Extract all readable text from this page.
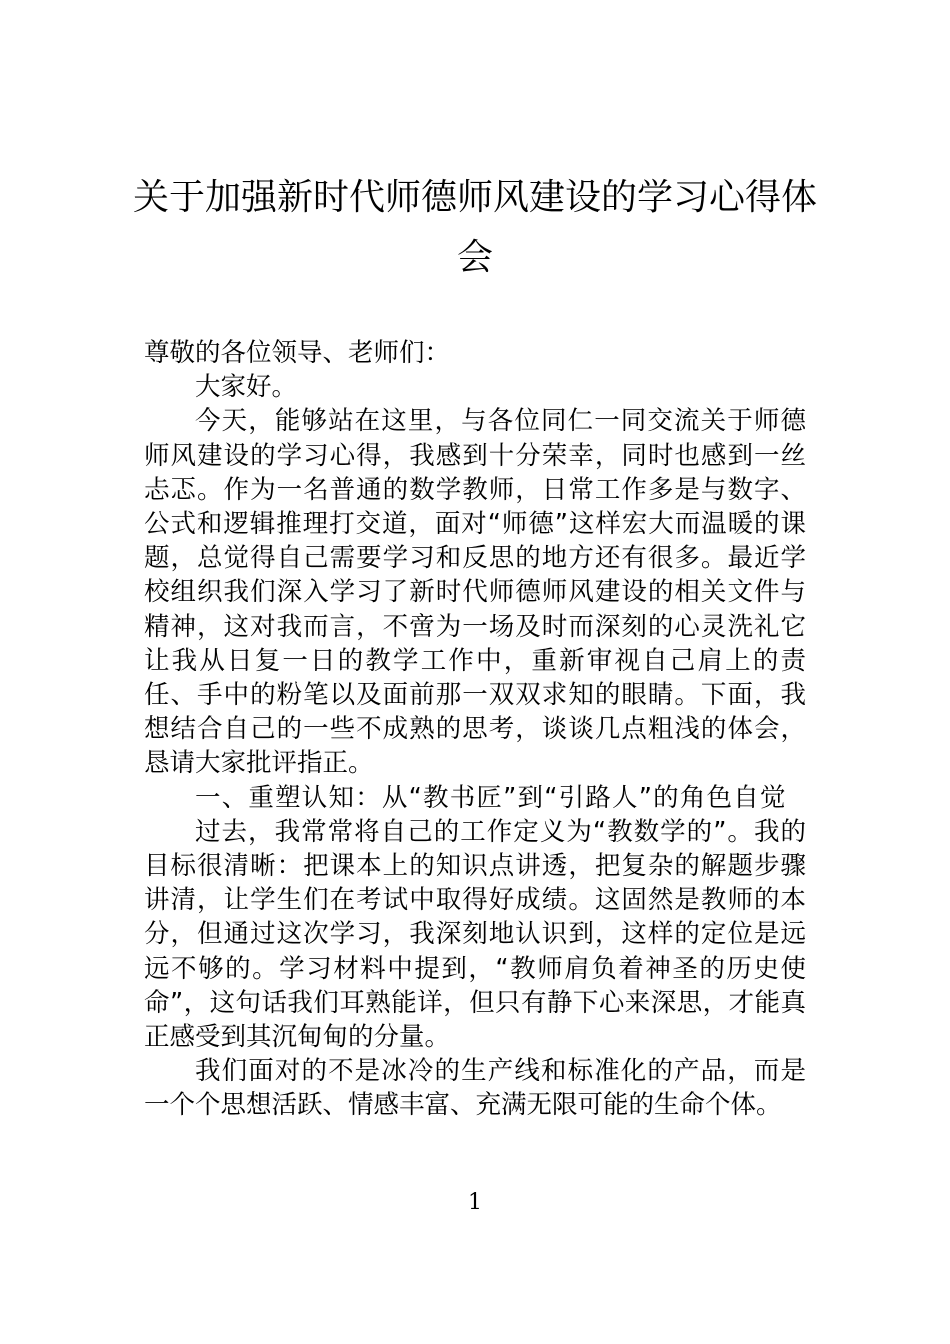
关于加强新时代师德师风建设的学习心得体会

尊敬的各位领导、老师们：

大家好。

今天，能够站在这里，与各位同仁一同交流关于师德师风建设的学习心得，我感到十分荣幸，同时也感到一丝忐忑。作为一名普通的数学教师，日常工作多是与数字、公式和逻辑推理打交道，面对“师德”这样宏大而温暖的课题，总觉得自己需要学习和反思的地方还有很多。最近学校组织我们深入学习了新时代师德师风建设的相关文件与精神，这对我而言，不啻为一场及时而深刻的心灵洗礼它让我从日复一日的教学工作中，重新审视自己肩上的责任、手中的粉笔以及面前那一双双求知的眼睛。下面，我想结合自己的一些不成熟的思考，谈谈几点粗浅的体会，恳请大家批评指正。

一、重塑认知：从“教书匠”到“引路人”的角色自觉

过去，我常常将自己的工作定义为“教数学的”。我的目标很清晰：把课本上的知识点讲透，把复杂的解题步骤讲清，让学生们在考试中取得好成绩。这固然是教师的本分，但通过这次学习，我深刻地认识到，这样的定位是远远不够的。学习材料中提到，“教师肩负着神圣的历史使命”，这句话我们耳熟能详，但只有静下心来深思，才能真正感受到其沉甸甸的分量。

我们面对的不是冰冷的生产线和标准化的产品，而是一个个思想活跃、情感丰富、充满无限可能的生命个体。

1
